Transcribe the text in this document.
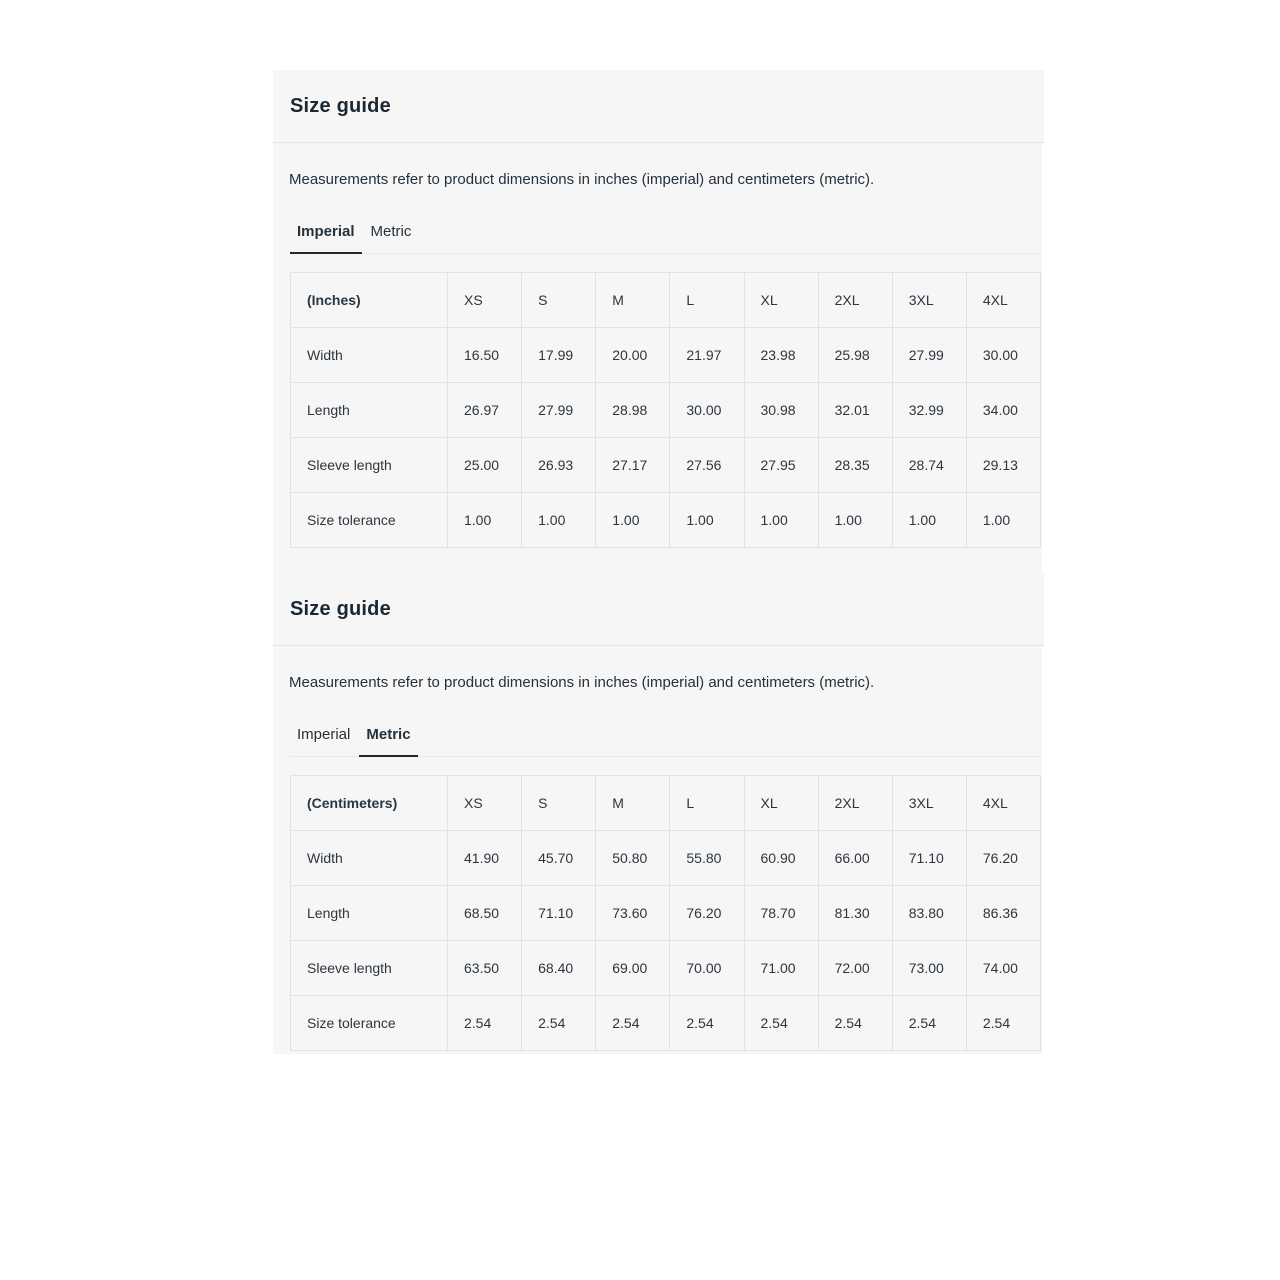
Size guide

Measurements refer to product dimensions in inches (imperial) and centimeters (metric).

Imperial	Metric
(Inches)	XS	S	M	L	XL	2XL	3XL	4XL
Width	16.50	17.99	20.00	21.97	23.98	25.98	27.99	30.00
Length	26.97	27.99	28.98	30.00	30.98	32.01	32.99	34.00
Sleeve length	25.00	26.93	27.17	27.56	27.95	28.35	28.74	29.13
Size tolerance	1.00	1.00	1.00	1.00	1.00	1.00	1.00	1.00
Size guide

Measurements refer to product dimensions in inches (imperial) and centimeters (metric).

Imperial	Metric
(Centimeters)	XS	S	M	L	XL	2XL	3XL	4XL
Width	41.90	45.70	50.80	55.80	60.90	66.00	71.10	76.20
Length	68.50	71.10	73.60	76.20	78.70	81.30	83.80	86.36
Sleeve length	63.50	68.40	69.00	70.00	71.00	72.00	73.00	74.00
Size tolerance	2.54	2.54	2.54	2.54	2.54	2.54	2.54	2.54
